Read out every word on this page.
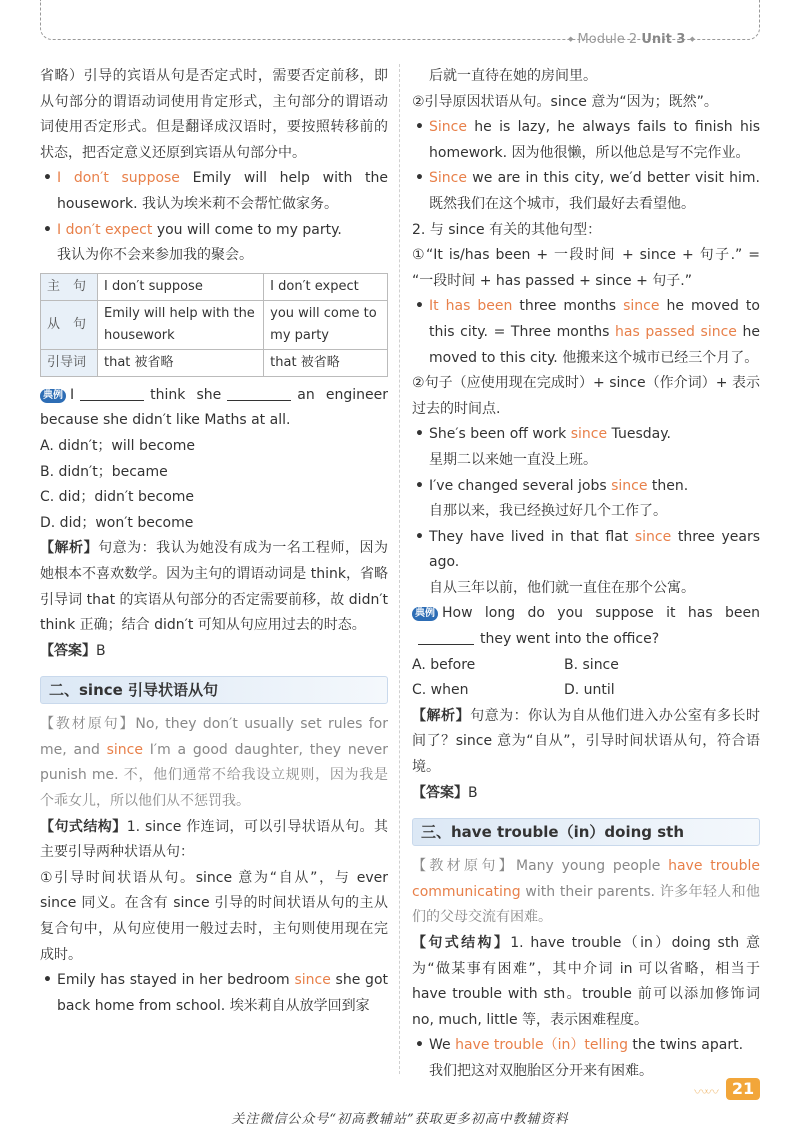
◆ Module 2 Unit 3 ◆

省略）引导的宾语从句是否定式时，需要否定前移，即从句部分的谓语动词使用肯定形式，主句部分的谓语动词使用否定形式。但是翻译成汉语时，要按照转移前的状态，把否定意义还原到宾语从句部分中。

• I don′t suppose Emily will help with the housework. 我认为埃米莉不会帮忙做家务。
• I don′t expect you will come to my party.

我认为你不会来参加我的聚会。

主　句	I don′t suppose	I don′t expect
从　句	Emily will help with the housework	you will come to my party
引导词	that 被省略	that 被省略

典例 I	think she	an engineer because she didn′t like Maths at all.

A. didn′t；will become

B. didn′t；became

C. did；didn′t become

D. did；won′t become

【解析】句意为：我认为她没有成为一名工程师，因为她根本不喜欢数学。因为主句的谓语动词是 think，省略引导词 that 的宾语从句部分的否定需要前移，故 didn′t think 正确；结合 didn′t 可知从句应用过去的时态。

【答案】B

二、since 引导状语从句

【教材原句】No, they don′t usually set rules for me, and since I′m a good daughter, they never punish me. 不，他们通常不给我设立规则，因为我是个乖女儿，所以他们从不惩罚我。

【句式结构】1. since 作连词，可以引导状语从句。其主要引导两种状语从句：

①引导时间状语从句。since 意为“自从”，与 ever since 同义。在含有 since 引导的时间状语从句的主从复合句中，从句应使用一般过去时，主句则使用现在完成时。

• Emily has stayed in her bedroom since she got back home from school. 埃米莉自从放学回到家

后就一直待在她的房间里。

②引导原因状语从句。since 意为“因为；既然”。

• Since he is lazy, he always fails to finish his homework. 因为他很懒，所以他总是写不完作业。
• Since we are in this city, we′d better visit him. 既然我们在这个城市，我们最好去看望他。

2. 与 since 有关的其他句型：

①“It is/has been + 一段时间 + since + 句子.” = “一段时间 + has passed + since + 句子.”

• It has been three months since he moved to this city. = Three months has passed since he moved to this city. 他搬来这个城市已经三个月了。

②句子（应使用现在完成时）+ since（作介词）+ 表示过去的时间点.

• She′s been off work since Tuesday.
星期二以来她一直没上班。
• I′ve changed several jobs since then.
自那以来，我已经换过好几个工作了。
• They have lived in that flat since three years ago.
自从三年以前，他们就一直住在那个公寓。

典例 How long do you suppose it has beenthey went into the office?

A. before	B. since
C. when	D. until

【解析】句意为：你认为自从他们进入办公室有多长时间了？since 意为“自从”，引导时间状语从句，符合语境。

【答案】B

三、have trouble（in）doing sth

【教材原句】Many young people have trouble communicating with their parents. 许多年轻人和他们的父母交流有困难。

【句式结构】1. have trouble（in）doing sth 意为“做某事有困难”，其中介词 in 可以省略，相当于 have trouble with sth。trouble 前可以添加修饰词 no, much, little 等，表示困难程度。

• We have trouble（in）telling the twins apart.
我们把这对双胞胎区分开来有困难。
〰〰 21
关注微信公众号“初高教辅站”获取更多初高中教辅资料
